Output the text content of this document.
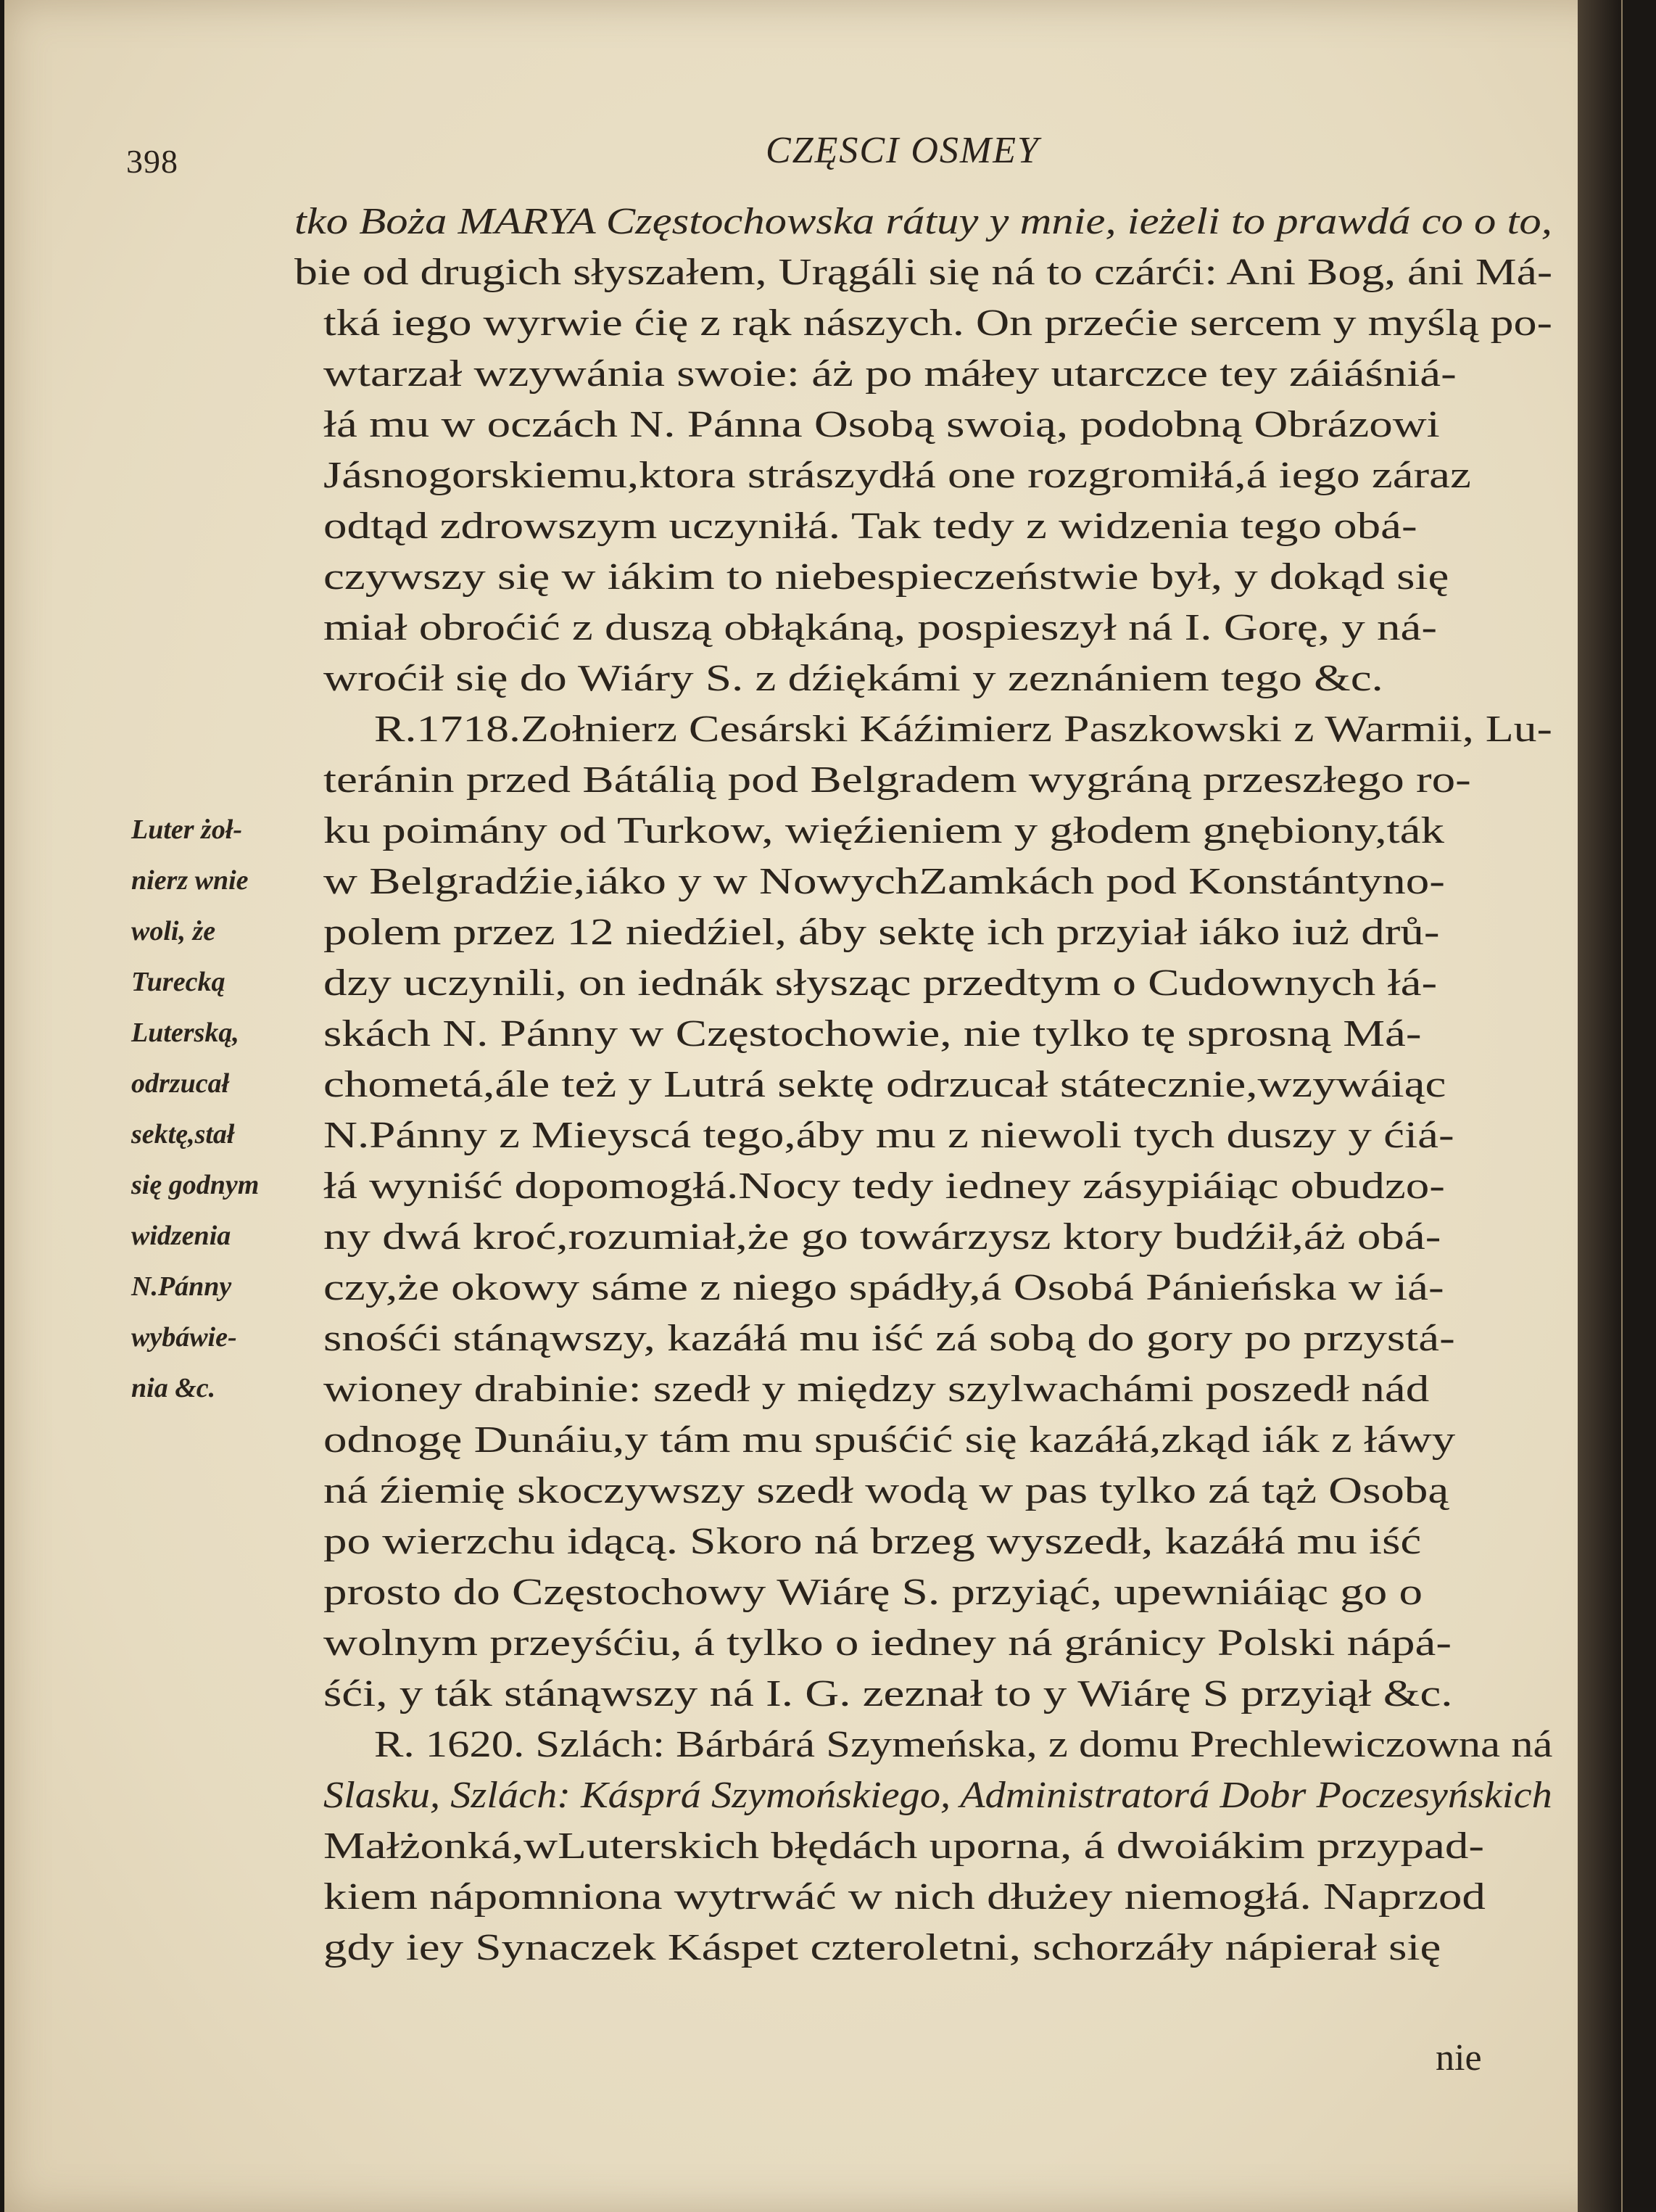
398	CZĘSCI OSMEY
tko Boża MARYA Częstochowska rátuy y mnie, ieżeli to prawdá co o to,
bie od drugich słyszałem, Urągáli się ná to czárći: Ani Bog, áni Má-
tká iego wyrwie ćię z rąk nászych. On przećie sercem y myślą po-
wtarzał wzywánia swoie: áż po máłey utarczce tey záiáśniá-
łá mu w oczách N. Pánna Osobą swoią, podobną Obrázowi
Jásnogorskiemu,ktora strászydłá one rozgromiłá,á iego záraz
odtąd zdrowszym uczyniłá. Tak tedy z widzenia tego obá-
czywszy się w iákim to niebespieczeństwie był, y dokąd się
miał obroćić z duszą obłąkáną, pospieszył ná I. Gorę, y ná-
wroćił się do Wiáry S. z dźiękámi y zeznániem tego &c.
R.1718.Zołnierz Cesárski Káźimierz Paszkowski z Warmii, Lu-
teránin przed Bátálią pod Belgradem wygráną przeszłego ro-
ku poimány od Turkow, więźieniem y głodem gnębiony,ták
w Belgradźie,iáko y w NowychZamkách pod Konstántyno-
polem przez 12 niedźiel, áby sektę ich przyiał iáko iuż drů-
dzy uczynili, on iednák słysząc przedtym o Cudownych łá-
skách N. Pánny w Częstochowie, nie tylko tę sprosną Má-
chometá,ále też y Lutrá sektę odrzucał státecznie,wzywáiąc
N.Pánny z Mieyscá tego,áby mu z niewoli tych duszy y ćiá-
łá wyniść dopomogłá.Nocy tedy iedney zásypiáiąc obudzo-
ny dwá kroć,rozumiał,że go towárzysz ktory budźił,áż obá-
czy,że okowy sáme z niego spádły,á Osobá Pánieńska w iá-
snośći stánąwszy, kazáłá mu iść zá sobą do gory po przystá-
wioney drabinie: szedł y między szylwachámi poszedł nád
odnogę Dunáiu,y tám mu spuśćić się kazáłá,zkąd iák z łáwy
ná źiemię skoczywszy szedł wodą w pas tylko zá tąż Osobą
po wierzchu idącą. Skoro ná brzeg wyszedł, kazáłá mu iść
prosto do Częstochowy Wiárę S. przyiąć, upewniáiąc go o
wolnym przeyśćiu, á tylko o iedney ná gránicy Polski nápá-
śći, y ták stánąwszy ná I. G. zeznał to y Wiárę S przyiął &c.
R. 1620. Szlách: Bárbárá Szymeńska, z domu Prechlewiczowna ná
Slasku, Szlách: Kásprá Szymońskiego, Administratorá Dobr Poczesyńskich
Małżonká,wLuterskich błędách uporna, á dwoiákim przypad-
kiem nápomniona wytrwáć w nich dłużey niemogłá. Naprzod
gdy iey Synaczek Káspet czteroletni, schorzáły nápierał się
Luter żoł-
nierz wnie
woli, że
Turecką
Luterską,
odrzucał
sektę,stał
się godnym
widzenia
N.Pánny
wybáwie-
nia &c.
nie
